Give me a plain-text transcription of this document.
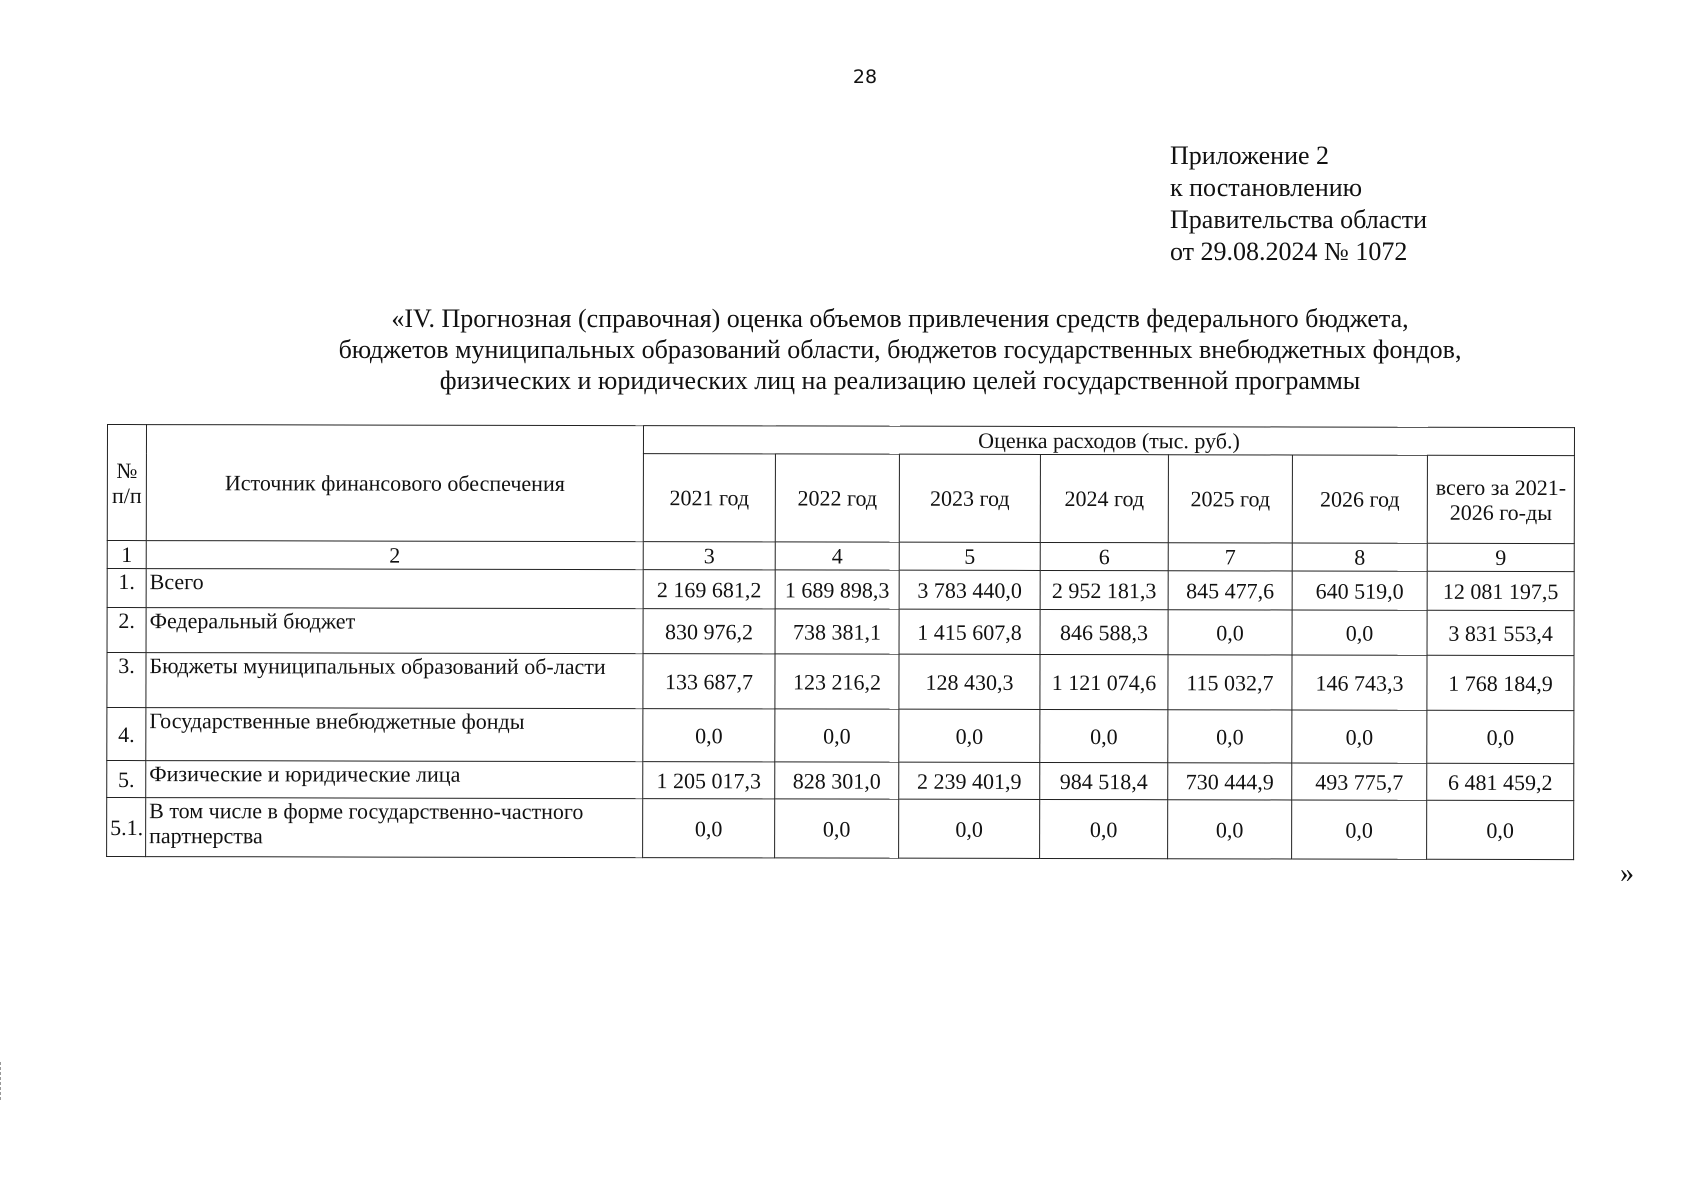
28
Приложение 2
к постановлению
Правительства области
от 29.08.2024 № 1072
«IV. Прогнозная (справочная) оценка объемов привлечения средств федерального бюджета,
бюджетов муниципальных образований области, бюджетов государственных внебюджетных фондов,
физических и юридических лиц на реализацию целей государственной программы
№ п/п	Источник финансового обеспечения	Оценка расходов (тыс. руб.)						
		2021 год	2022 год	2023 год	2024 год	2025 год	2026 год	всего за 2021-2026 го-ды
1	2	3	4	5	6	7	8	9
1.	Всего	2 169 681,2	1 689 898,3	3 783 440,0	2 952 181,3	845 477,6	640 519,0	12 081 197,5
2.	Федеральный бюджет	830 976,2	738 381,1	1 415 607,8	846 588,3	0,0	0,0	3 831 553,4
3.	Бюджеты муниципальных образований об-ласти	133 687,7	123 216,2	128 430,3	1 121 074,6	115 032,7	146 743,3	1 768 184,9
4.	Государственные внебюджетные фонды	0,0	0,0	0,0	0,0	0,0	0,0	0,0
5.	Физические и юридические лица	1 205 017,3	828 301,0	2 239 401,9	984 518,4	730 444,9	493 775,7	6 481 459,2
5.1.	В том числе в форме государственно-частного партнерства	0,0	0,0	0,0	0,0	0,0	0,0	0,0
»
